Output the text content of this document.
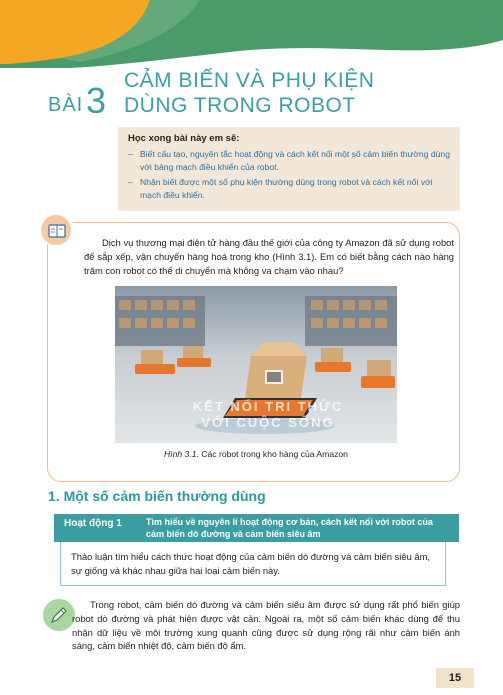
BÀI 3 CẢM BIẾN VÀ PHỤ KIỆN
DÙNG TRONG ROBOT
Học xong bài này em sẽ:
– Biết cấu tạo, nguyên tắc hoạt động và cách kết nối một số cảm biến thường dùng với bảng mạch điều khiển của robot.
– Nhận biết được một số phụ kiện thường dùng trong robot và cách kết nối với mạch điều khiển.

Dịch vụ thương mại điện tử hàng đầu thế giới của công ty Amazon đã sử dụng robot để sắp xếp, vận chuyển hàng hoá trong kho (Hình 3.1). Em có biết bằng cách nào hàng trăm con robot có thể di chuyển mà không va chạm vào nhau?

KẾT NỐI TRI THỨC
VỚI CUỘC SỐNG

Hình 3.1. Các robot trong kho hàng của Amazon

1. Một số cảm biến thường dùng
Hoạt động 1	Tìm hiểu về nguyên lí hoạt động cơ bản, cách kết nối với robot của cảm biến dò đường và cảm biến siêu âm

Thảo luận tìm hiểu cách thức hoạt động của cảm biến dò đường và cảm biến siêu âm, sự giống và khác nhau giữa hai loại cảm biến này.

Trong robot, cảm biến dò đường và cảm biến siêu âm được sử dụng rất phổ biến giúp robot dò đường và phát hiện được vật cản. Ngoài ra, một số cảm biến khác dùng để thu nhận dữ liệu về môi trường xung quanh cũng được sử dụng rộng rãi như cảm biến ánh sáng, cảm biến nhiệt độ, cảm biến độ ẩm.

15
